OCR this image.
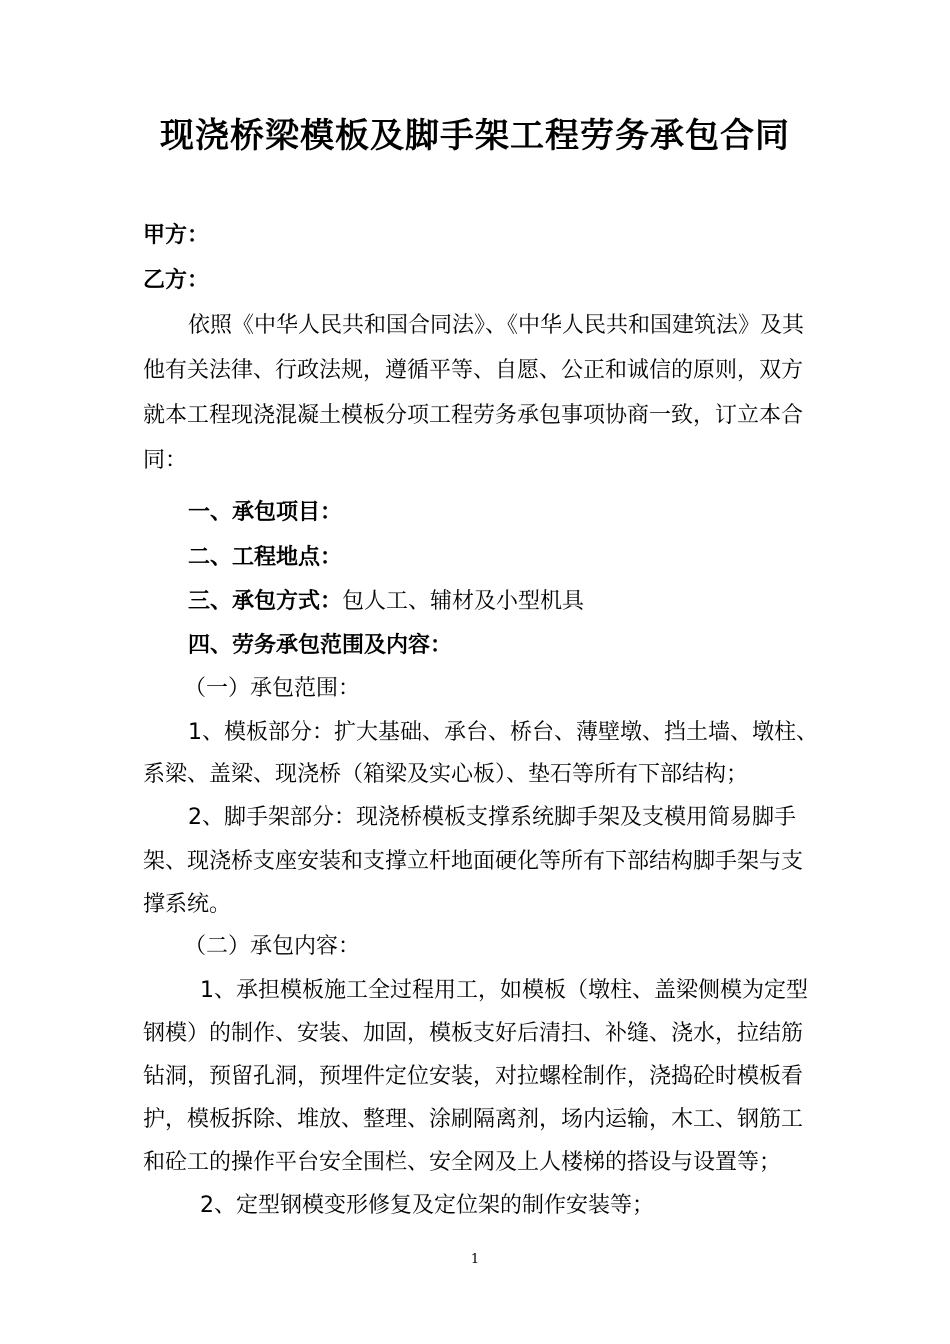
现浇桥梁模板及脚手架工程劳务承包合同
甲方：
乙方：
依照《中华人民共和国合同法》、《中华人民共和国建筑法》及其
他有关法律、行政法规，遵循平等、自愿、公正和诚信的原则，双方
就本工程现浇混凝土模板分项工程劳务承包事项协商一致，订立本合
同：
一、承包项目：
二、工程地点：
三、承包方式：包人工、辅材及小型机具
四、劳务承包范围及内容：
（一）承包范围：
1、模板部分：扩大基础、承台、桥台、薄壁墩、挡土墙、墩柱、
系梁、盖梁、现浇桥（箱梁及实心板）、垫石等所有下部结构；
2、脚手架部分：现浇桥模板支撑系统脚手架及支模用简易脚手
架、现浇桥支座安装和支撑立杆地面硬化等所有下部结构脚手架与支
撑系统。
（二）承包内容：
1、承担模板施工全过程用工，如模板（墩柱、盖梁侧模为定型
钢模）的制作、安装、加固，模板支好后清扫、补缝、浇水，拉结筋
钻洞，预留孔洞，预埋件定位安装，对拉螺栓制作，浇捣砼时模板看
护，模板拆除、堆放、整理、涂刷隔离剂，场内运输，木工、钢筋工
和砼工的操作平台安全围栏、安全网及上人楼梯的搭设与设置等；
2、定型钢模变形修复及定位架的制作安装等；
1
